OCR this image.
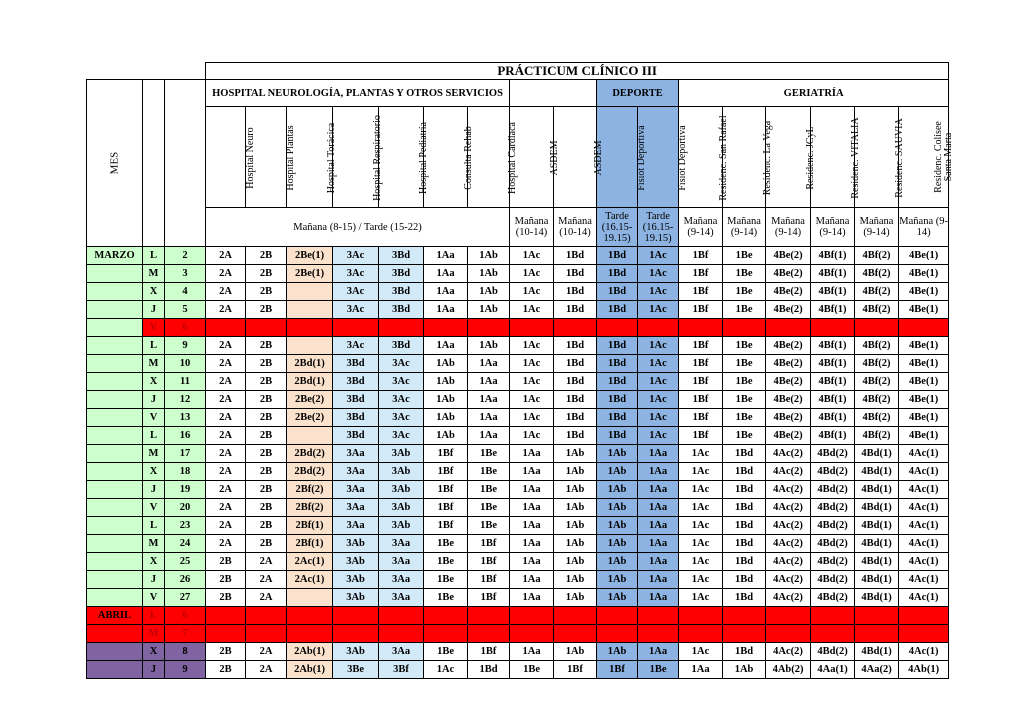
			PRÁCTICUM CLÍNICO III																
MES			HOSPITAL NEUROLOGÍA, PLANTAS Y OTROS SERVICIOS									DEPORTE		GERIATRÍA					
			Hospital Neuro	Hospital Plantas	Hospital Torácica	Hospital Respiratorio	Hospital Pediatría	Consulta Rehab	Hospital Cardiaca	ASDEM	ASDEM	Fisiot Deportiva	Fisiot Deportiva	Residenc. San Rafael	Residenc. La Vega	Residenc. JCyL	Residenc. VITALIA	Residenc. SAUVIA	Residenc. Colisee Santa Marta
			Mañana (8-15) / Tarde (15-22)							Mañana (10-14)	Mañana (10-14)	Tarde (16.15-19.15)	Tarde (16.15-19.15)	Mañana (9-14)	Mañana (9-14)	Mañana (9-14)	Mañana (9-14)	Mañana (9-14)	Mañana (9-14)
MARZO	L	2	2A	2B	2Be(1)	3Ac	3Bd	1Aa	1Ab	1Ac	1Bd	1Bd	1Ac	1Bf	1Be	4Be(2)	4Bf(1)	4Bf(2)	4Be(1)
	M	3	2A	2B	2Be(1)	3Ac	3Bd	1Aa	1Ab	1Ac	1Bd	1Bd	1Ac	1Bf	1Be	4Be(2)	4Bf(1)	4Bf(2)	4Be(1)
	X	4	2A	2B		3Ac	3Bd	1Aa	1Ab	1Ac	1Bd	1Bd	1Ac	1Bf	1Be	4Be(2)	4Bf(1)	4Bf(2)	4Be(1)
	J	5	2A	2B		3Ac	3Bd	1Aa	1Ab	1Ac	1Bd	1Bd	1Ac	1Bf	1Be	4Be(2)	4Bf(1)	4Bf(2)	4Be(1)
	V	6																	
	L	9	2A	2B		3Ac	3Bd	1Aa	1Ab	1Ac	1Bd	1Bd	1Ac	1Bf	1Be	4Be(2)	4Bf(1)	4Bf(2)	4Be(1)
	M	10	2A	2B	2Bd(1)	3Bd	3Ac	1Ab	1Aa	1Ac	1Bd	1Bd	1Ac	1Bf	1Be	4Be(2)	4Bf(1)	4Bf(2)	4Be(1)
	X	11	2A	2B	2Bd(1)	3Bd	3Ac	1Ab	1Aa	1Ac	1Bd	1Bd	1Ac	1Bf	1Be	4Be(2)	4Bf(1)	4Bf(2)	4Be(1)
	J	12	2A	2B	2Be(2)	3Bd	3Ac	1Ab	1Aa	1Ac	1Bd	1Bd	1Ac	1Bf	1Be	4Be(2)	4Bf(1)	4Bf(2)	4Be(1)
	V	13	2A	2B	2Be(2)	3Bd	3Ac	1Ab	1Aa	1Ac	1Bd	1Bd	1Ac	1Bf	1Be	4Be(2)	4Bf(1)	4Bf(2)	4Be(1)
	L	16	2A	2B		3Bd	3Ac	1Ab	1Aa	1Ac	1Bd	1Bd	1Ac	1Bf	1Be	4Be(2)	4Bf(1)	4Bf(2)	4Be(1)
	M	17	2A	2B	2Bd(2)	3Aa	3Ab	1Bf	1Be	1Aa	1Ab	1Ab	1Aa	1Ac	1Bd	4Ac(2)	4Bd(2)	4Bd(1)	4Ac(1)
	X	18	2A	2B	2Bd(2)	3Aa	3Ab	1Bf	1Be	1Aa	1Ab	1Ab	1Aa	1Ac	1Bd	4Ac(2)	4Bd(2)	4Bd(1)	4Ac(1)
	J	19	2A	2B	2Bf(2)	3Aa	3Ab	1Bf	1Be	1Aa	1Ab	1Ab	1Aa	1Ac	1Bd	4Ac(2)	4Bd(2)	4Bd(1)	4Ac(1)
	V	20	2A	2B	2Bf(2)	3Aa	3Ab	1Bf	1Be	1Aa	1Ab	1Ab	1Aa	1Ac	1Bd	4Ac(2)	4Bd(2)	4Bd(1)	4Ac(1)
	L	23	2A	2B	2Bf(1)	3Aa	3Ab	1Bf	1Be	1Aa	1Ab	1Ab	1Aa	1Ac	1Bd	4Ac(2)	4Bd(2)	4Bd(1)	4Ac(1)
	M	24	2A	2B	2Bf(1)	3Ab	3Aa	1Be	1Bf	1Aa	1Ab	1Ab	1Aa	1Ac	1Bd	4Ac(2)	4Bd(2)	4Bd(1)	4Ac(1)
	X	25	2B	2A	2Ac(1)	3Ab	3Aa	1Be	1Bf	1Aa	1Ab	1Ab	1Aa	1Ac	1Bd	4Ac(2)	4Bd(2)	4Bd(1)	4Ac(1)
	J	26	2B	2A	2Ac(1)	3Ab	3Aa	1Be	1Bf	1Aa	1Ab	1Ab	1Aa	1Ac	1Bd	4Ac(2)	4Bd(2)	4Bd(1)	4Ac(1)
	V	27	2B	2A		3Ab	3Aa	1Be	1Bf	1Aa	1Ab	1Ab	1Aa	1Ac	1Bd	4Ac(2)	4Bd(2)	4Bd(1)	4Ac(1)
ABRIL	L	6																	
	M	7																	
	X	8	2B	2A	2Ab(1)	3Ab	3Aa	1Be	1Bf	1Aa	1Ab	1Ab	1Aa	1Ac	1Bd	4Ac(2)	4Bd(2)	4Bd(1)	4Ac(1)
	J	9	2B	2A	2Ab(1)	3Be	3Bf	1Ac	1Bd	1Be	1Bf	1Bf	1Be	1Aa	1Ab	4Ab(2)	4Aa(1)	4Aa(2)	4Ab(1)
